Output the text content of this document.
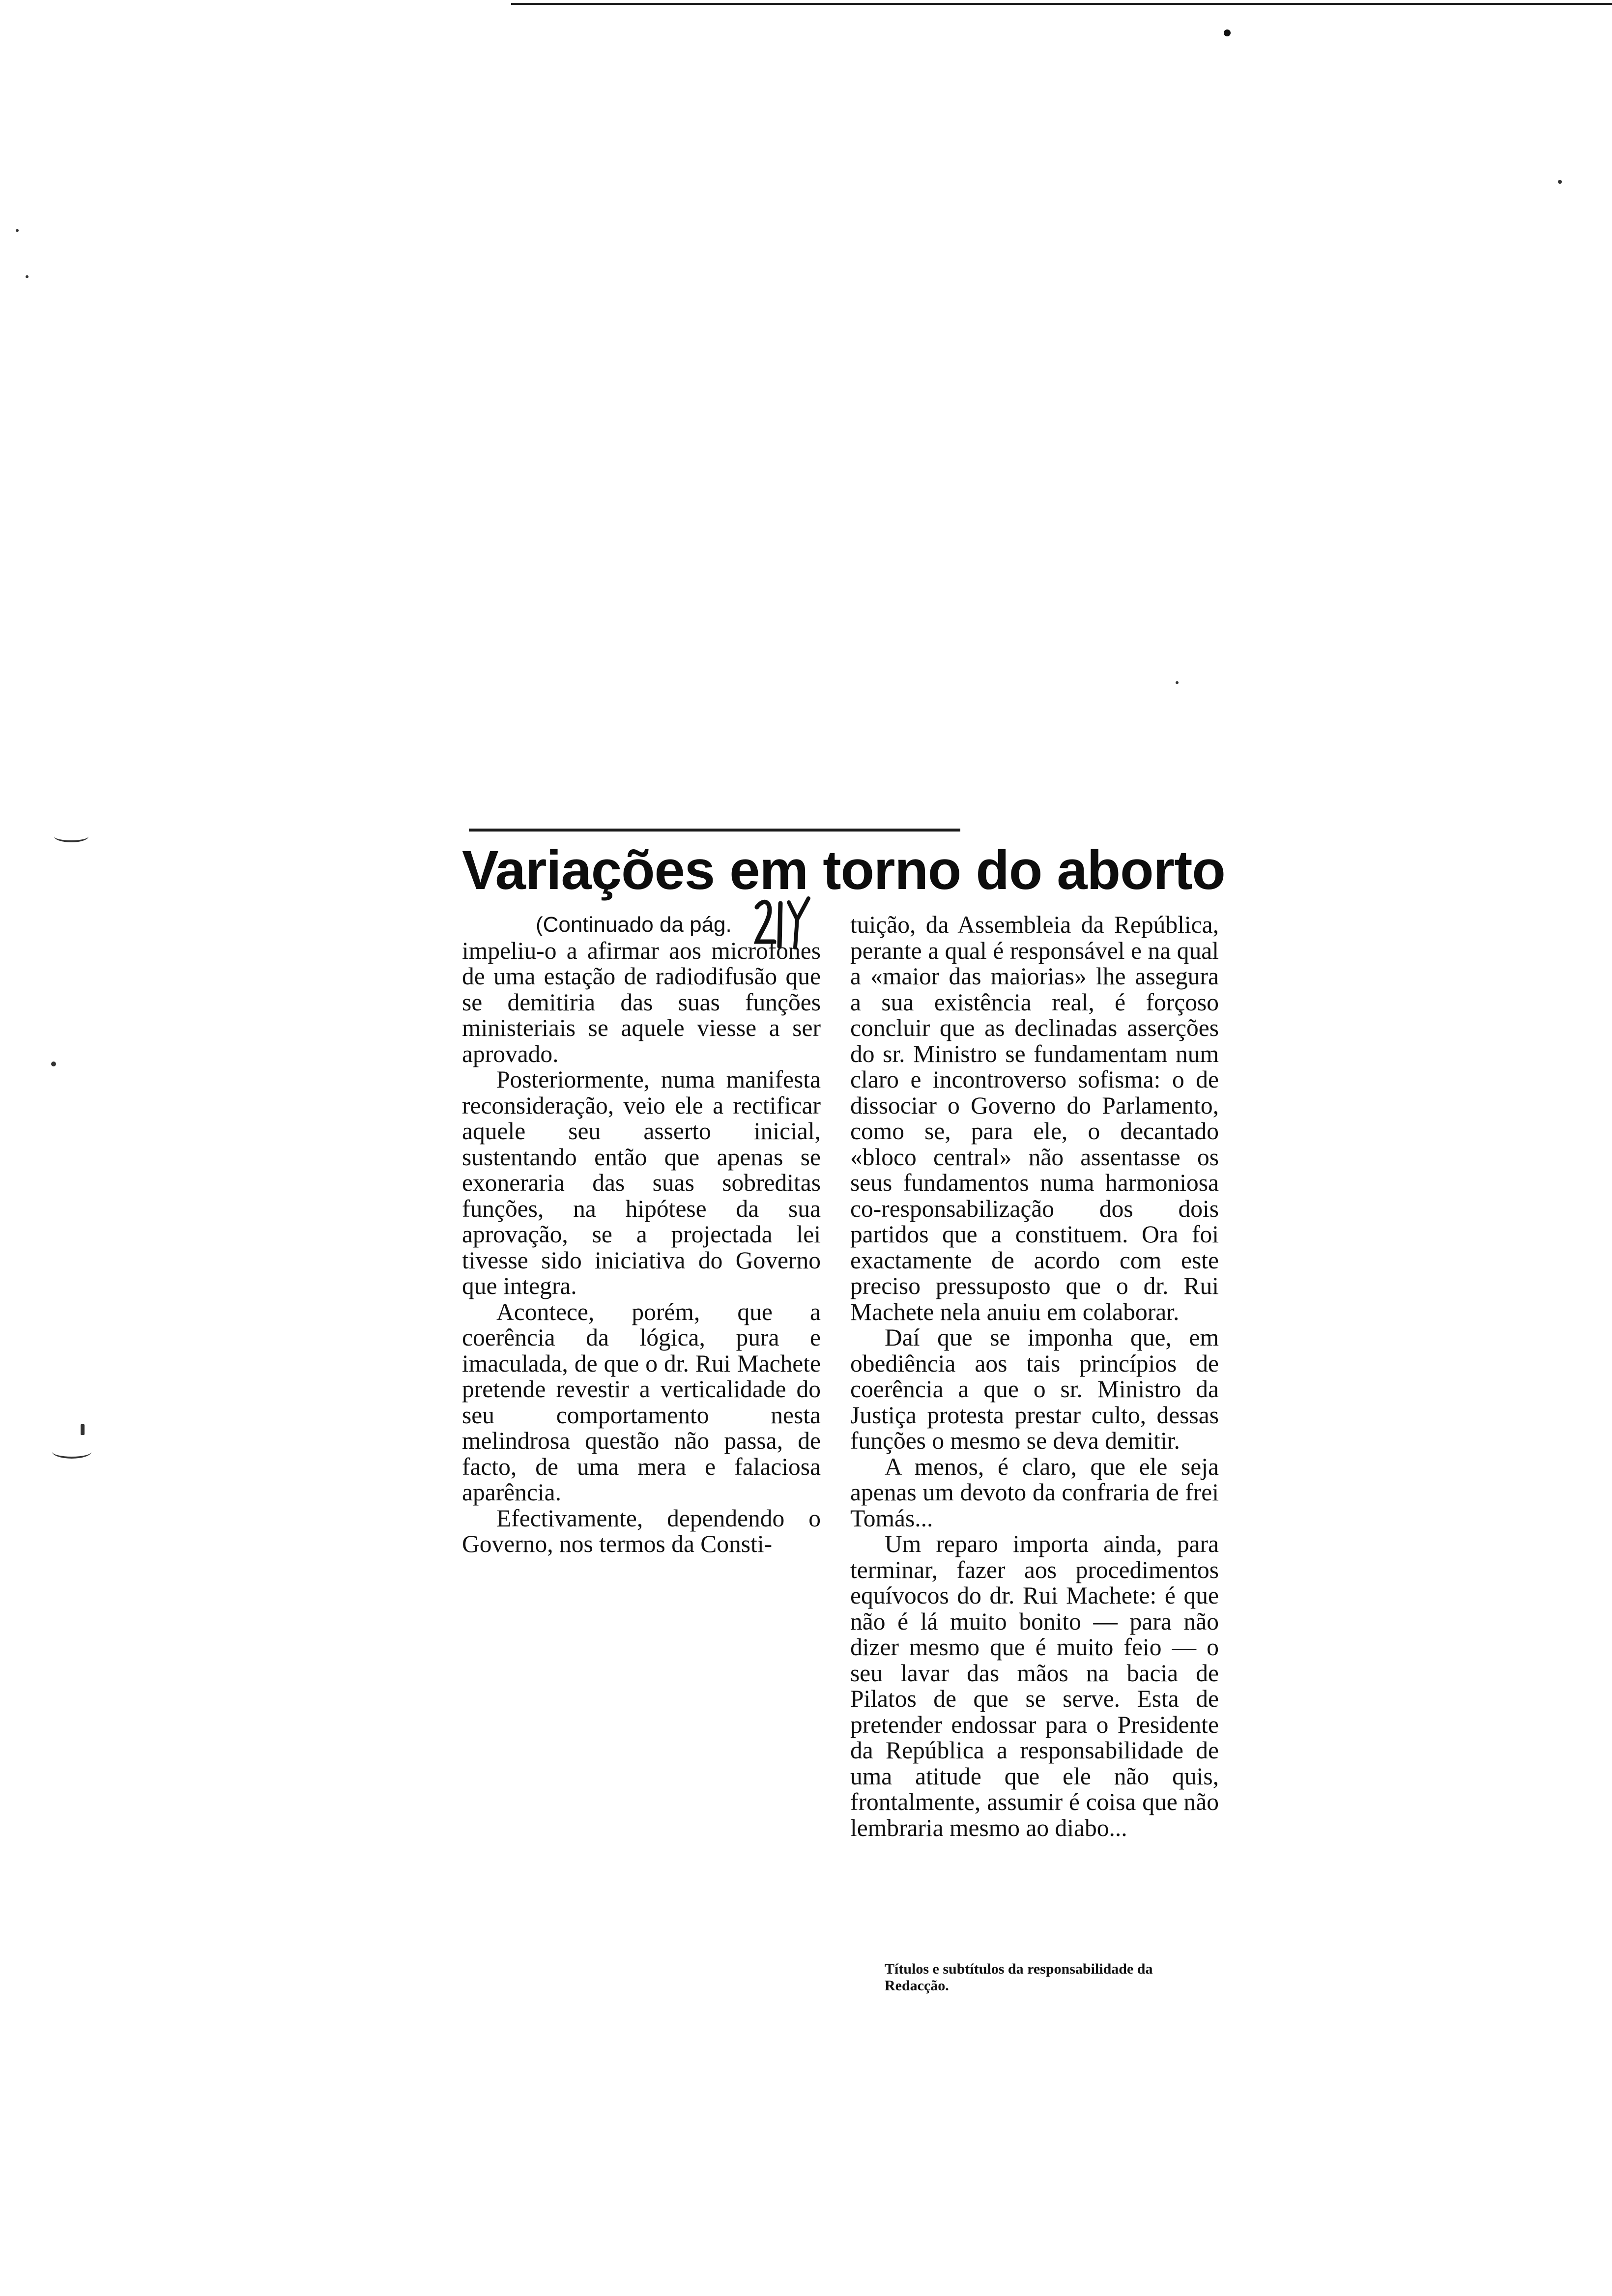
Variações em torno do aborto
(Continuado da pág.

impeliu-o a afirmar aos microfones de uma estação de radiodifusão que se demitiria das suas funções ministeriais se aquele viesse a ser aprovado.

Posteriormente, numa manifesta reconsideração, veio ele a rectificar aquele seu asserto inicial, sustentando então que apenas se exoneraria das suas sobreditas funções, na hipótese da sua aprovação, se a projectada lei tivesse sido iniciativa do Governo que integra.

Acontece, porém, que a coerência da lógica, pura e imaculada, de que o dr. Rui Machete pretende revestir a verticalidade do seu comportamento nesta melindrosa questão não passa, de facto, de uma mera e falaciosa aparência.

Efectivamente, dependendo o Governo, nos termos da Consti-

tuição, da Assembleia da República, perante a qual é responsável e na qual a «maior das maiorias» lhe assegura a sua existência real, é forçoso concluir que as declinadas asserções do sr. Ministro se fundamentam num claro e incontroverso sofisma: o de dissociar o Governo do Parlamento, como se, para ele, o decantado «bloco central» não assentasse os seus fundamentos numa harmoniosa co-responsabilização dos dois partidos que a constituem. Ora foi exactamente de acordo com este preciso pressuposto que o dr. Rui Machete nela anuiu em colaborar.

Daí que se imponha que, em obediência aos tais princípios de coerência a que o sr. Ministro da Justiça protesta prestar culto, dessas funções o mesmo se deva demitir.

A menos, é claro, que ele seja apenas um devoto da confraria de frei Tomás...

Um reparo importa ainda, para terminar, fazer aos procedimentos equívocos do dr. Rui Machete: é que não é lá muito bonito — para não dizer mesmo que é muito feio — o seu lavar das mãos na bacia de Pilatos de que se serve. Esta de pretender endossar para o Presidente da República a responsabilidade de uma atitude que ele não quis, frontalmente, assumir é coisa que não lembraria mesmo ao diabo...

Títulos e subtítulos da responsabilidade da Redacção.
